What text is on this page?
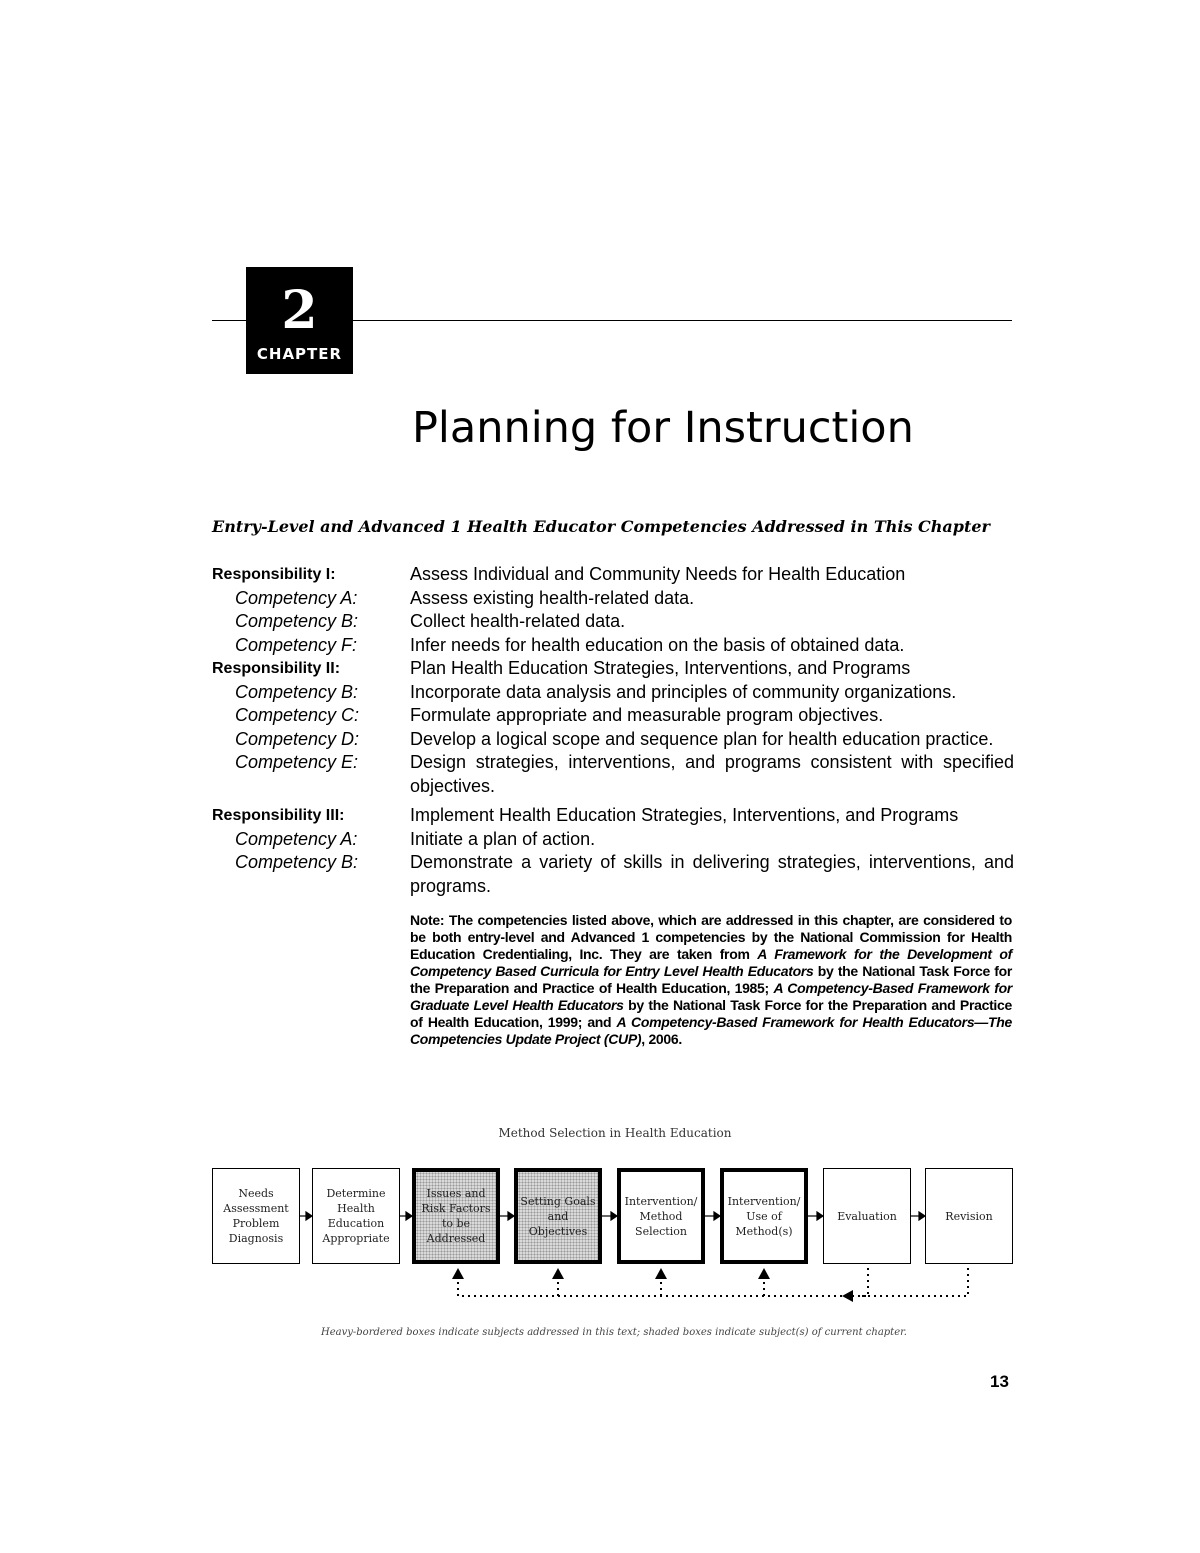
2
CHAPTER
Planning for Instruction
Entry-Level and Advanced 1 Health Educator Competencies Addressed in This Chapter
Responsibility I:	Assess Individual and Community Needs for Health Education
Competency A:	Assess existing health-related data.
Competency B:	Collect health-related data.
Competency F:	Infer needs for health education on the basis of obtained data.
Responsibility II:	Plan Health Education Strategies, Interventions, and Programs
Competency B:	Incorporate data analysis and principles of community organizations.
Competency C:	Formulate appropriate and measurable program objectives.
Competency D:	Develop a logical scope and sequence plan for health education practice.
Competency E:	Design strategies, interventions, and programs consistent with specified objectives.
Responsibility III:	Implement Health Education Strategies, Interventions, and Programs
Competency A:	Initiate a plan of action.
Competency B:	Demonstrate a variety of skills in delivering strategies, interventions, and programs.
Note: The competencies listed above, which are addressed in this chapter, are considered to be both entry-level and Advanced 1 competencies by the National Commission for Health Education Credentialing, Inc. They are taken from A Framework for the Development of Competency Based Curricula for Entry Level Health Educators by the National Task Force for the Preparation and Practice of Health Education, 1985; A Competency-Based Framework for Graduate Level Health Educators by the National Task Force for the Preparation and Practice of Health Education, 1999; and A Competency-Based Framework for Health Educators—The Competencies Update Project (CUP), 2006.
Method Selection in Health Education
Needs Assessment Problem Diagnosis
Determine Health Education Appropriate
Issues and Risk Factors to be Addressed
Setting Goals and Objectives
Intervention/ Method Selection
Intervention/ Use of Method(s)
Evaluation	Revision
Heavy-bordered boxes indicate subjects addressed in this text; shaded boxes indicate subject(s) of current chapter.
13
